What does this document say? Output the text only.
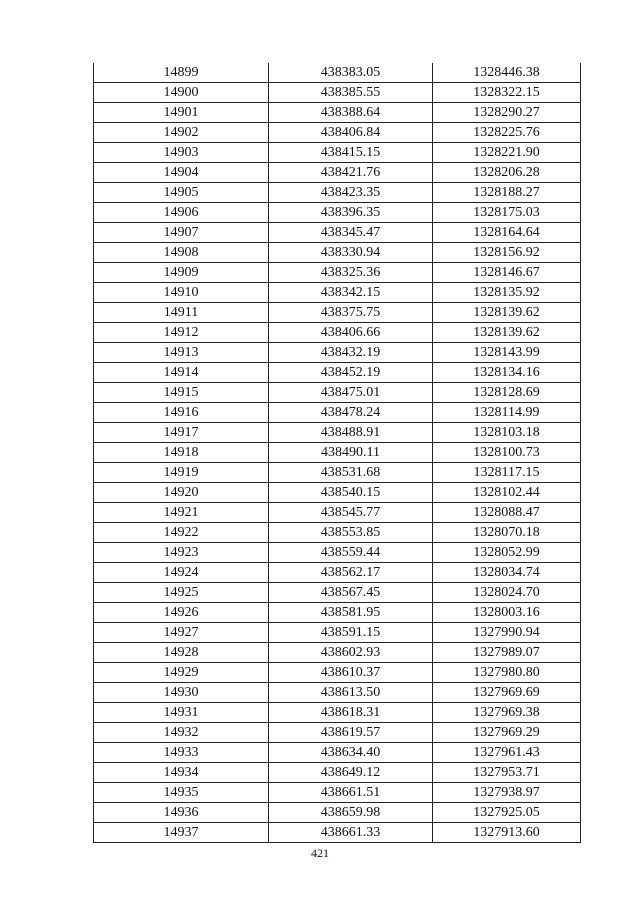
14899	438383.05	1328446.38
14900	438385.55	1328322.15
14901	438388.64	1328290.27
14902	438406.84	1328225.76
14903	438415.15	1328221.90
14904	438421.76	1328206.28
14905	438423.35	1328188.27
14906	438396.35	1328175.03
14907	438345.47	1328164.64
14908	438330.94	1328156.92
14909	438325.36	1328146.67
14910	438342.15	1328135.92
14911	438375.75	1328139.62
14912	438406.66	1328139.62
14913	438432.19	1328143.99
14914	438452.19	1328134.16
14915	438475.01	1328128.69
14916	438478.24	1328114.99
14917	438488.91	1328103.18
14918	438490.11	1328100.73
14919	438531.68	1328117.15
14920	438540.15	1328102.44
14921	438545.77	1328088.47
14922	438553.85	1328070.18
14923	438559.44	1328052.99
14924	438562.17	1328034.74
14925	438567.45	1328024.70
14926	438581.95	1328003.16
14927	438591.15	1327990.94
14928	438602.93	1327989.07
14929	438610.37	1327980.80
14930	438613.50	1327969.69
14931	438618.31	1327969.38
14932	438619.57	1327969.29
14933	438634.40	1327961.43
14934	438649.12	1327953.71
14935	438661.51	1327938.97
14936	438659.98	1327925.05
14937	438661.33	1327913.60
421
